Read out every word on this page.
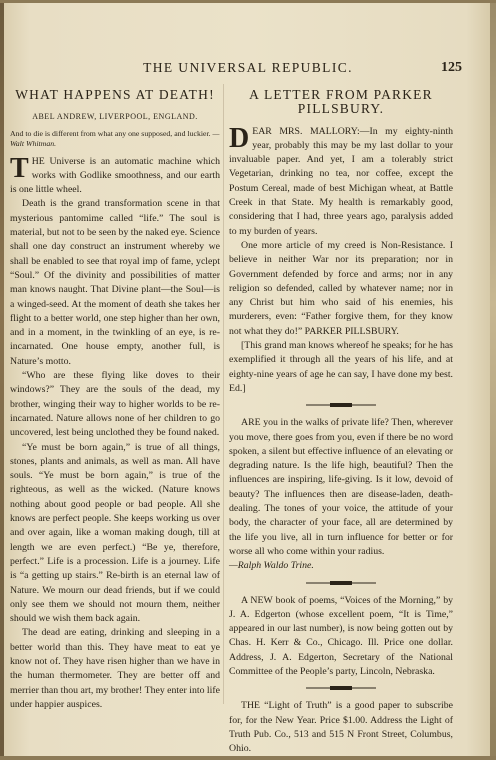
THE UNIVERSAL REPUBLIC.	125
WHAT HAPPENS AT DEATH!
ABEL ANDREW, LIVERPOOL, ENGLAND.
And to die is different from what any one supposed, and luckier. —Walt Whitman.

THE Universe is an automatic machine which works with Godlike smoothness, and our earth is one little wheel.

Death is the grand transformation scene in that mysterious pantomime called “life.” The soul is material, but not to be seen by the naked eye. Science shall one day construct an instrument whereby we shall be enabled to see that royal imp of fame, yclept “Soul.” Of the divinity and possibilities of matter man knows naught. That Divine plant—the Soul—is a winged-seed. At the moment of death she takes her flight to a better world, one step higher than her own, and in a moment, in the twinkling of an eye, is re-incarnated. One house empty, another full, is Nature’s motto.

“Who are these flying like doves to their windows?” They are the souls of the dead, my brother, winging their way to higher worlds to be re-incarnated. Nature allows none of her children to go uncovered, lest being unclothed they be found naked.

“Ye must be born again,” is true of all things, stones, plants and animals, as well as man. All have souls. “Ye must be born again,” is true of the righteous, as well as the wicked. (Nature knows nothing about good people or bad people. All she knows are perfect people. She keeps working us over and over again, like a woman making dough, till at length we are even perfect.) “Be ye, therefore, perfect.” Life is a procession. Life is a journey. Life is “a getting up stairs.” Re-birth is an eternal law of Nature. We mourn our dead friends, but if we could only see them we should not mourn them, neither should we wish them back again.

The dead are eating, drinking and sleeping in a better world than this. They have meat to eat ye know not of. They have risen higher than we have in the human thermometer. They are better off and merrier than thou art, my brother! They enter into life under happier auspices.

A LETTER FROM PARKER PILLSBURY.

DEAR MRS. MALLORY:—In my eighty-ninth year, probably this may be my last dollar to your invaluable paper. And yet, I am a tolerably strict Vegetarian, drinking no tea, nor coffee, except the Postum Cereal, made of best Michigan wheat, at Battle Creek in that State. My health is remarkably good, considering that I had, three years ago, paralysis added to my burden of years.

One more article of my creed is Non-Resistance. I believe in neither War nor its preparation; nor in Government defended by force and arms; nor in any religion so defended, called by whatever name; nor in any Christ but him who said of his enemies, his murderers, even: “Father forgive them, for they know not what they do!” PARKER PILLSBURY.

[This grand man knows whereof he speaks; for he has exemplified it through all the years of his life, and at eighty-nine years of age he can say, I have done my best. Ed.]

ARE you in the walks of private life? Then, wherever you move, there goes from you, even if there be no word spoken, a silent but effective influence of an elevating or degrading nature. Is the life high, beautiful? Then the influences are inspiring, life-giving. Is it low, devoid of beauty? The influences then are disease-laden, death-dealing. The tones of your voice, the attitude of your body, the character of your face, all are determined by the life you live, all in turn influence for better or for worse all who come within your radius.

—Ralph Waldo Trine.

A NEW book of poems, “Voices of the Morning,” by J. A. Edgerton (whose excellent poem, “It is Time,” appeared in our last number), is now being gotten out by Chas. H. Kerr & Co., Chicago. Ill. Price one dollar. Address, J. A. Edgerton, Secretary of the National Committee of the People’s party, Lincoln, Nebraska.

THE “Light of Truth” is a good paper to subscribe for, for the New Year. Price $1.00. Address the Light of Truth Pub. Co., 513 and 515 N Front Street, Columbus, Ohio.
